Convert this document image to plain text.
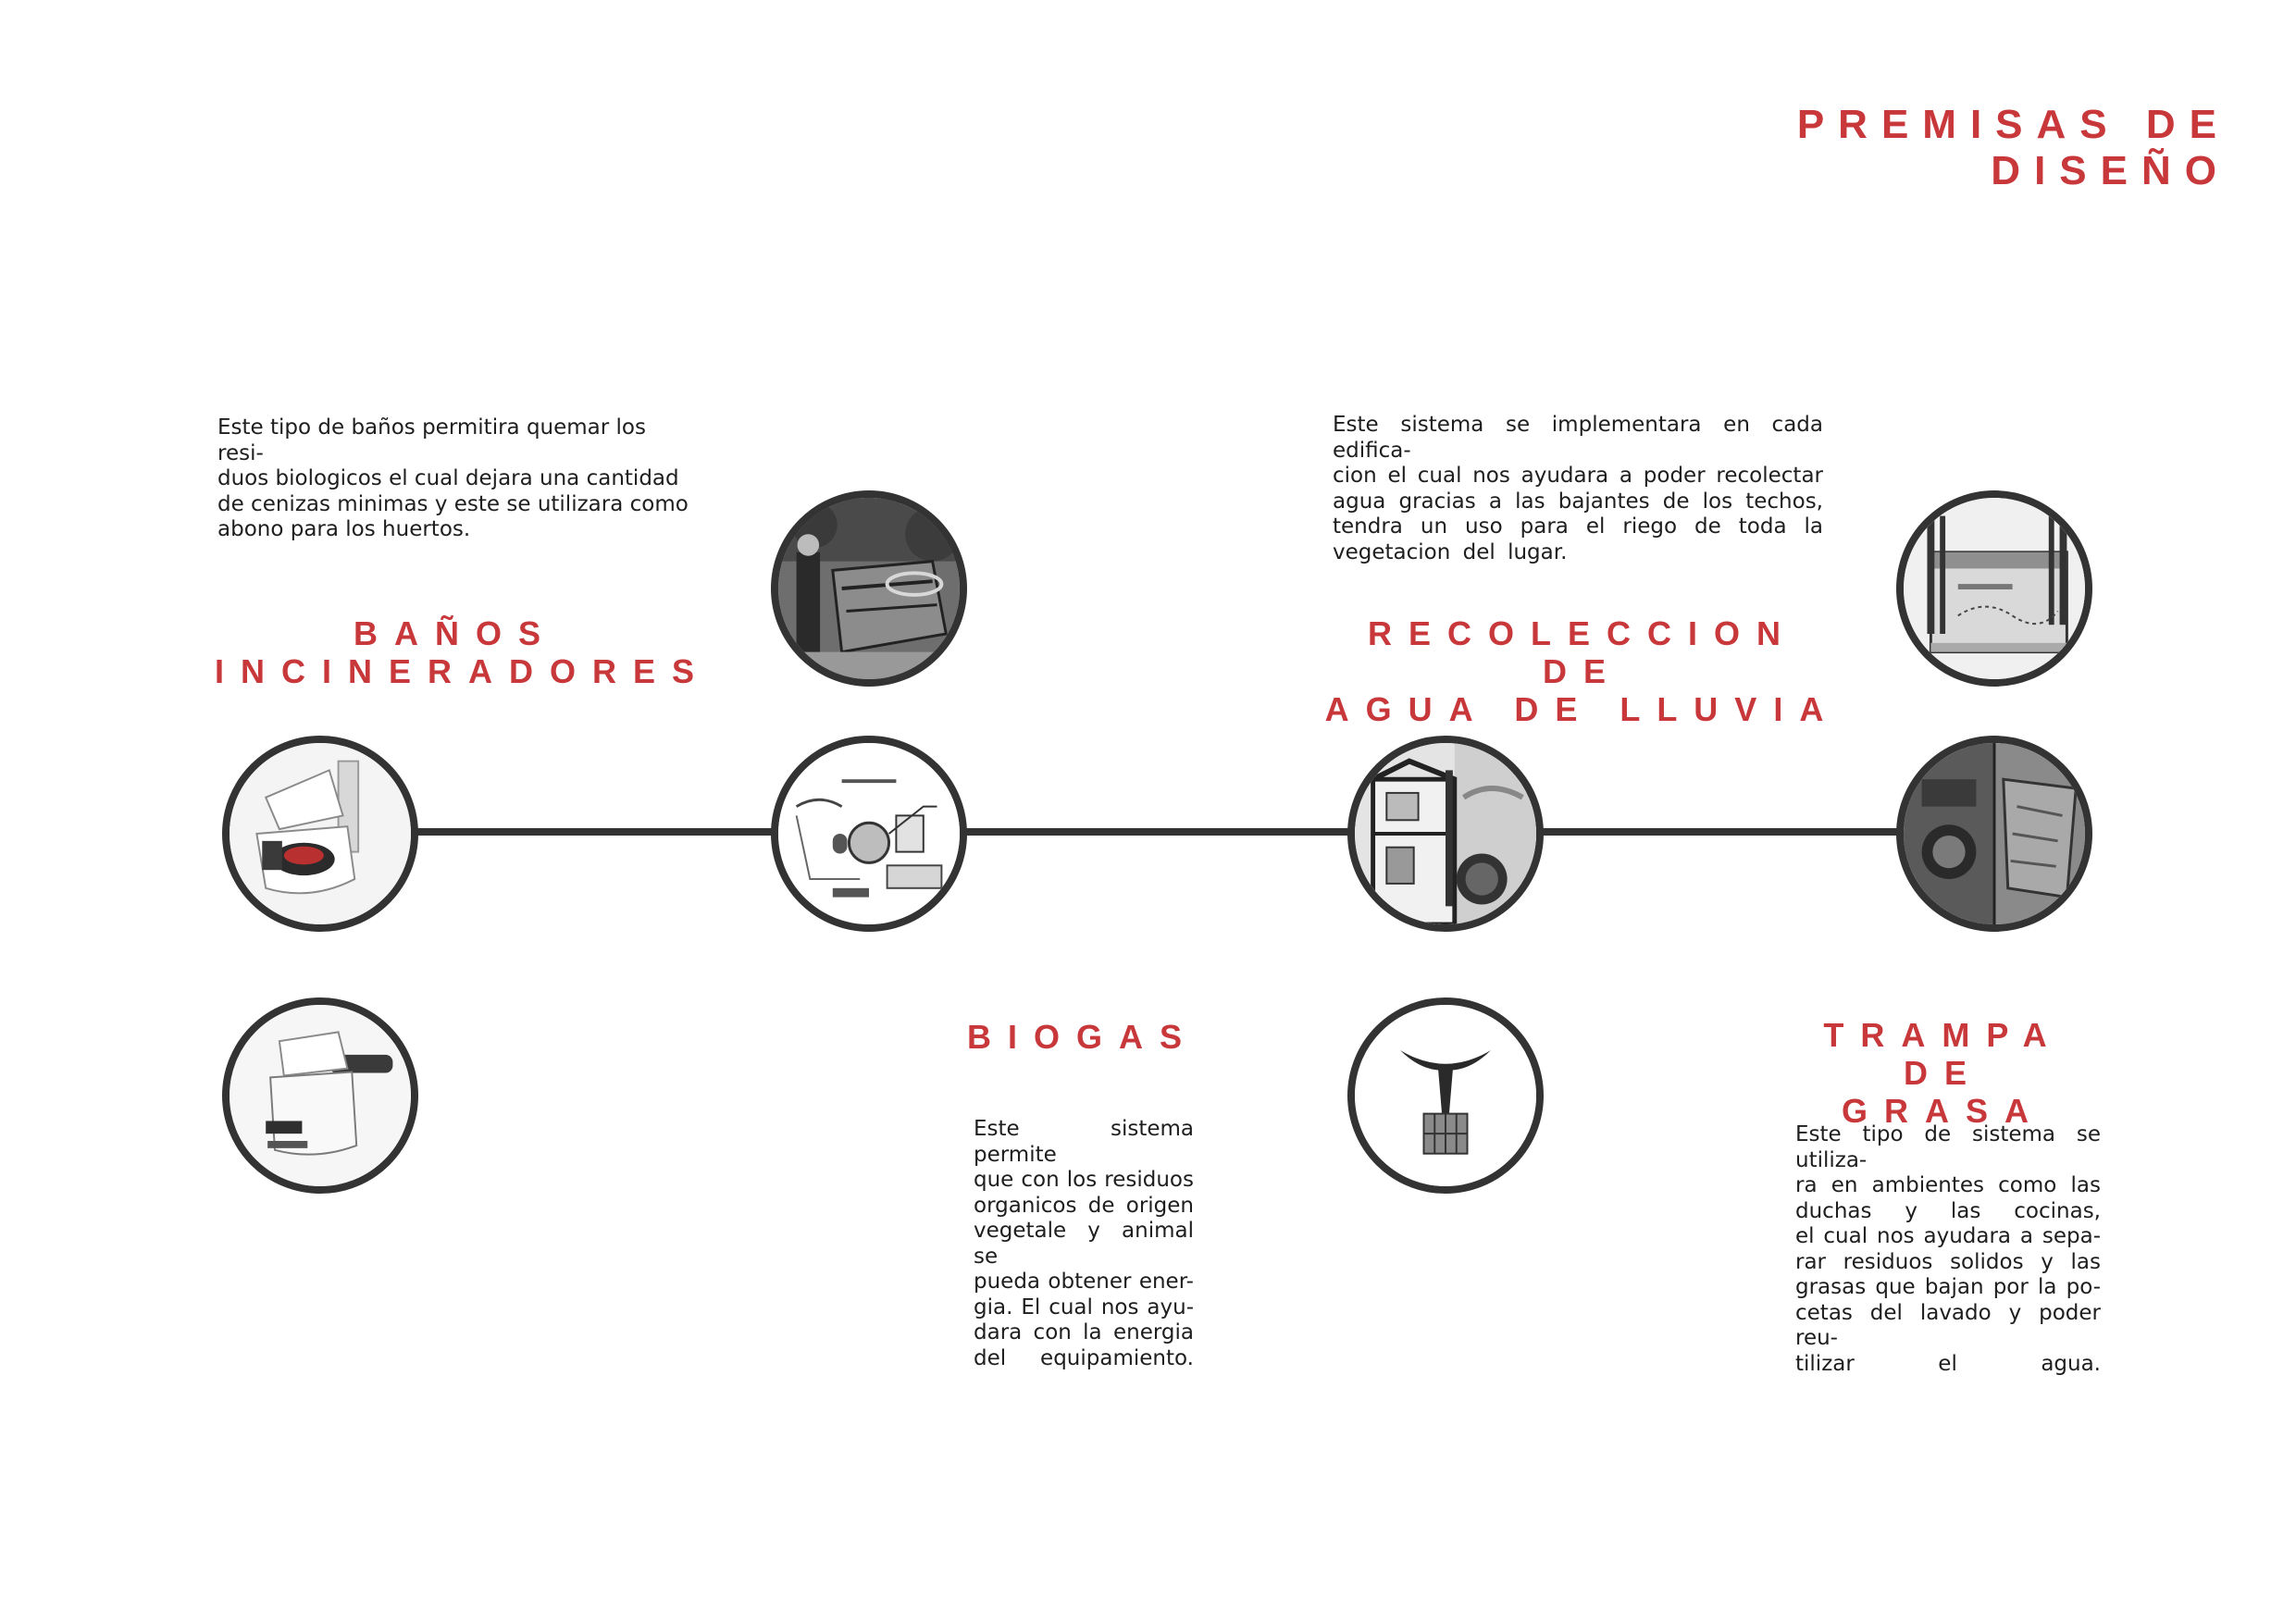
PREMISAS DE DISEÑO
BAÑOS
INCINERADORES
RECOLECCION DE
AGUA DE LLUVIA
BIOGAS	TRAMPA DE
GRASA
Este tipo de baños permitira quemar los resi-
duos biologicos el cual dejara una cantidad
de cenizas minimas y este se utilizara como
abono para los huertos.
Este sistema se implementara en cada edifica-
cion el cual nos ayudara a poder recolectar
agua gracias a las bajantes de los techos,
tendra un uso para el riego de toda la
vegetacion del lugar.
Este sistema permite
que con los residuos
organicos de origen
vegetale y animal se
pueda obtener ener-
gia. El cual nos ayu-
dara con la energia
del equipamiento.
Este tipo de sistema se utiliza-
ra en ambientes como las
duchas y las cocinas,
el cual nos ayudara a sepa-
rar residuos solidos y las
grasas que bajan por la po-
cetas del lavado y poder reu-
tilizar el agua.
